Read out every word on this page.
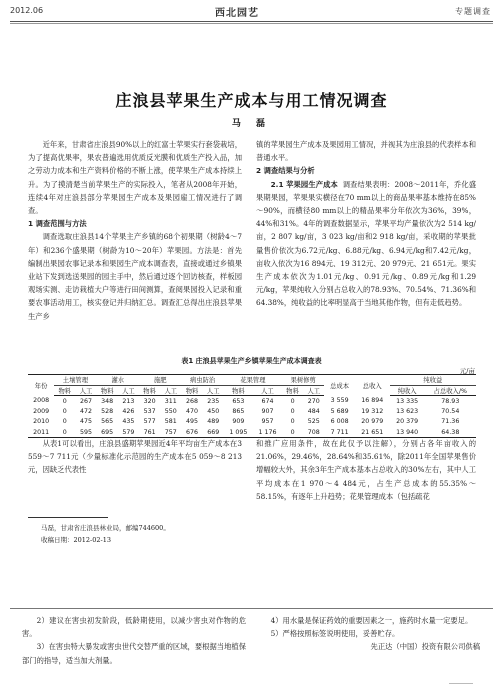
2012.06	西北园艺	专题调查
庄浪县苹果生产成本与用工情况调查
马 磊

近年来，甘肃省庄浪县90%以上的红富士苹果实行套袋栽培，为了提高优果率，果农普遍选用优质反光膜和优质生产投入品，加之劳动力成本和生产资料价格的不断上涨，使苹果生产成本持续上升。为了摸清楚当前苹果生产的实际投入，笔者从2008年开始，连续4年对庄浪县部分苹果园生产成本及果园雇工情况进行了调查。

1 调查范围与方法

调查选取庄浪县14个苹果主产乡镇的68个初果期（树龄4～7年）和236个盛果期（树龄为10～20年）苹果园。方法是：首先编制出果园农事记录本和果园生产成本调查表，直接或通过乡镇果业站下发到选送果园的园主手中，然后通过逐个回访核查，样板园观场实测、走访栽植大户等进行田间测算，查阅果园投入记录和重要农事活动用工，核实登记并归纳汇总。调查汇总得出庄浪县苹果生产乡

镇的苹果园生产成本及果园用工情况，并视其为庄浪县的代表样本和普通水平。

2 调查结果与分析

2.1 苹果园生产成本 调查结果表明：2008～2011年，乔化盛果期果园，苹果果实横径在70 mm以上的商品果率基本维持在85%～90%，而横径80 mm以上的精品果率分年依次为36%，39%，44%和31%。4年的调查数据显示，苹果平均产量依次为2 514 kg/亩，2 807 kg/亩，3 023 kg/亩和2 918 kg/亩，采收期的苹果批量售价依次为6.72元/kg、6.88元/kg、6.94元/kg和7.42元/kg，亩收入依次为16 894元、19 312元、20 979元、21 651元。果实生产成本依次为1.01元/kg、0.91元/kg、0.89元/kg和1.29元/kg，苹果纯收入分别占总收入的78.93%、70.54%、71.36%和64.38%，纯收益的比率明显高于当地其他作物，但有走低趋势。

表1 庄浪县苹果生产乡镇苹果生产成本调查表
元/亩
年份	土壤管理		灌水		施肥		病虫防治		花果管理		果树修剪		总成本	总收入	纯收益	
	物料	人工	物料	人工	物料	人工	物料	人工	物料	人工	物料	人工			纯收入	占总收入/%
2008	0	267	348	213	320	311	268	235	653	674	0	270	3 559	16 894	13 335	78.93
2009	0	472	528	426	537	550	470	450	865	907	0	484	5 689	19 312	13 623	70.54
2010	0	475	565	435	577	581	495	489	909	957	0	525	6 008	20 979	20 379	71.36
2011	0	595	695	579	761	757	676	669	1 095	1 176	0	708	7 711	21 651	13 940	64.38

从表1可以看出，庄浪县盛期苹果园近4年平均亩生产成本在3 559～7 711元（少量标准化示范园的生产成本在5 059～8 213元，因缺乏代表性

和推广应用条件，故在此仅予以注解），分别占各年亩收入的21.06%，29.46%，28.64%和35.61%，除2011年全国苹果售价增幅较大外，其余3年生产成本基本占总收入的30%左右，其中人工平均成本在1 970～4 484元，占生产总成本的55.35%～58.15%，有逐年上升趋势；花果管理成本（包括疏花

马磊，甘肃省庄浪县林业局，邮编744600。

收稿日期：2012-02-13

2）建议在害虫初发阶段，低龄期使用，以减少害虫对作物的危害。

3）在害虫特大暴发或害虫世代交替严重的区域，要根据当地植保部门的指导，适当加大剂量。

4）用水量是保证药效的重要因素之一，施药时水量一定要足。

5）严格按照标签说明使用，妥善贮存。

先正达（中国）投资有限公司供稿
